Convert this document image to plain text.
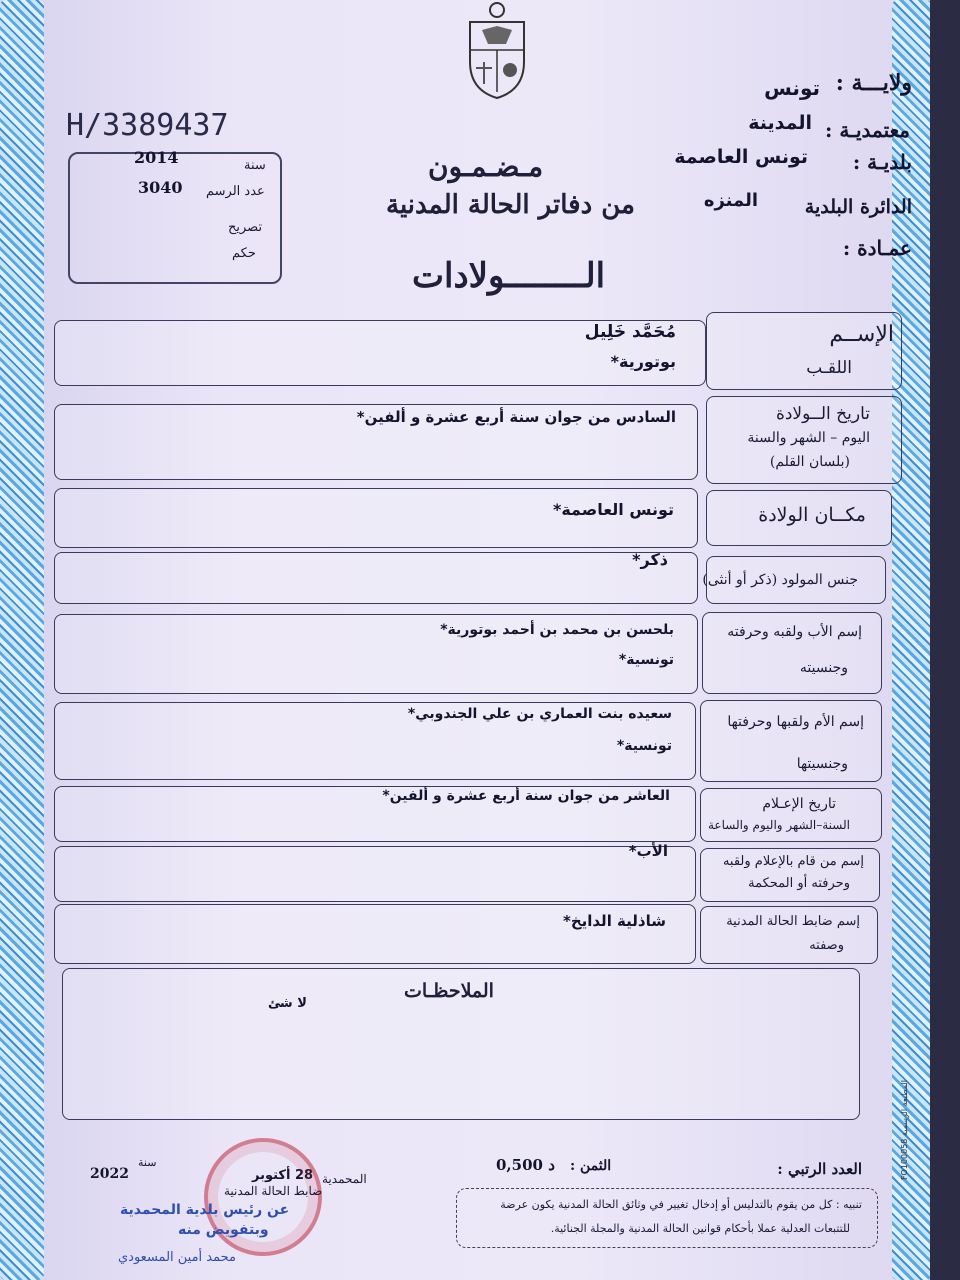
H/3389437
ولايـــة :
تونس
معتمديـة :
المدينة
بلديـة :
تونس العاصمة
الدائرة البلدية
المنزه
عمـادة :
مـضـمـون
من دفاتر الحالة المدنية
الــــــــولادات
سنة
2014
عدد الرسم
3040
تصريح
حكم
الإســم
اللقـب
مُحَمَّد خَلِيل
بوتورية*
تاريخ الــولادة
اليوم – الشهر والسنة
(بلسان القلم)
السادس من جوان سنة أربع عشرة و ألفين*
مكــان الولادة
تونس العاصمة*
جنس المولود (ذكر أو أنثى)
ذكر*
إسم الأب ولقبه وحرفته
وجنسيته
بلحسن بن محمد بن أحمد بوتورية*
تونسية*
إسم الأم ولقبها وحرفتها
وجنسيتها
سعيده بنت العماري بن علي الجندوبي*
تونسية*
تاريخ الإعـلام
السنة–الشهر واليوم والساعة
العاشر من جوان سنة أربع عشرة و ألفين*
إسم من قام بالإعلام ولقبه
وحرفته أو المحكمة
الأب*
إسم ضابط الحالة المدنية
وصفته
شاذلية الدايخ*
الملاحظـات
لا شئ
المطبعة الرسمية FO100058
العدد الرتبي :
الثمن :
0,500 د
المحمدية
28 أكتوبر
سنة
2022
ضابط الحالة المدنية
عن رئيس بلدية المحمدية
وبتفويض منه
محمد أمين المسعودي
تنبيه : كل من يقوم بالتدليس أو إدخال تغيير في وثائق الحالة المدنية يكون عرضة
للتتبعات العدلية عملا بأحكام قوانين الحالة المدنية والمجلة الجنائية.
